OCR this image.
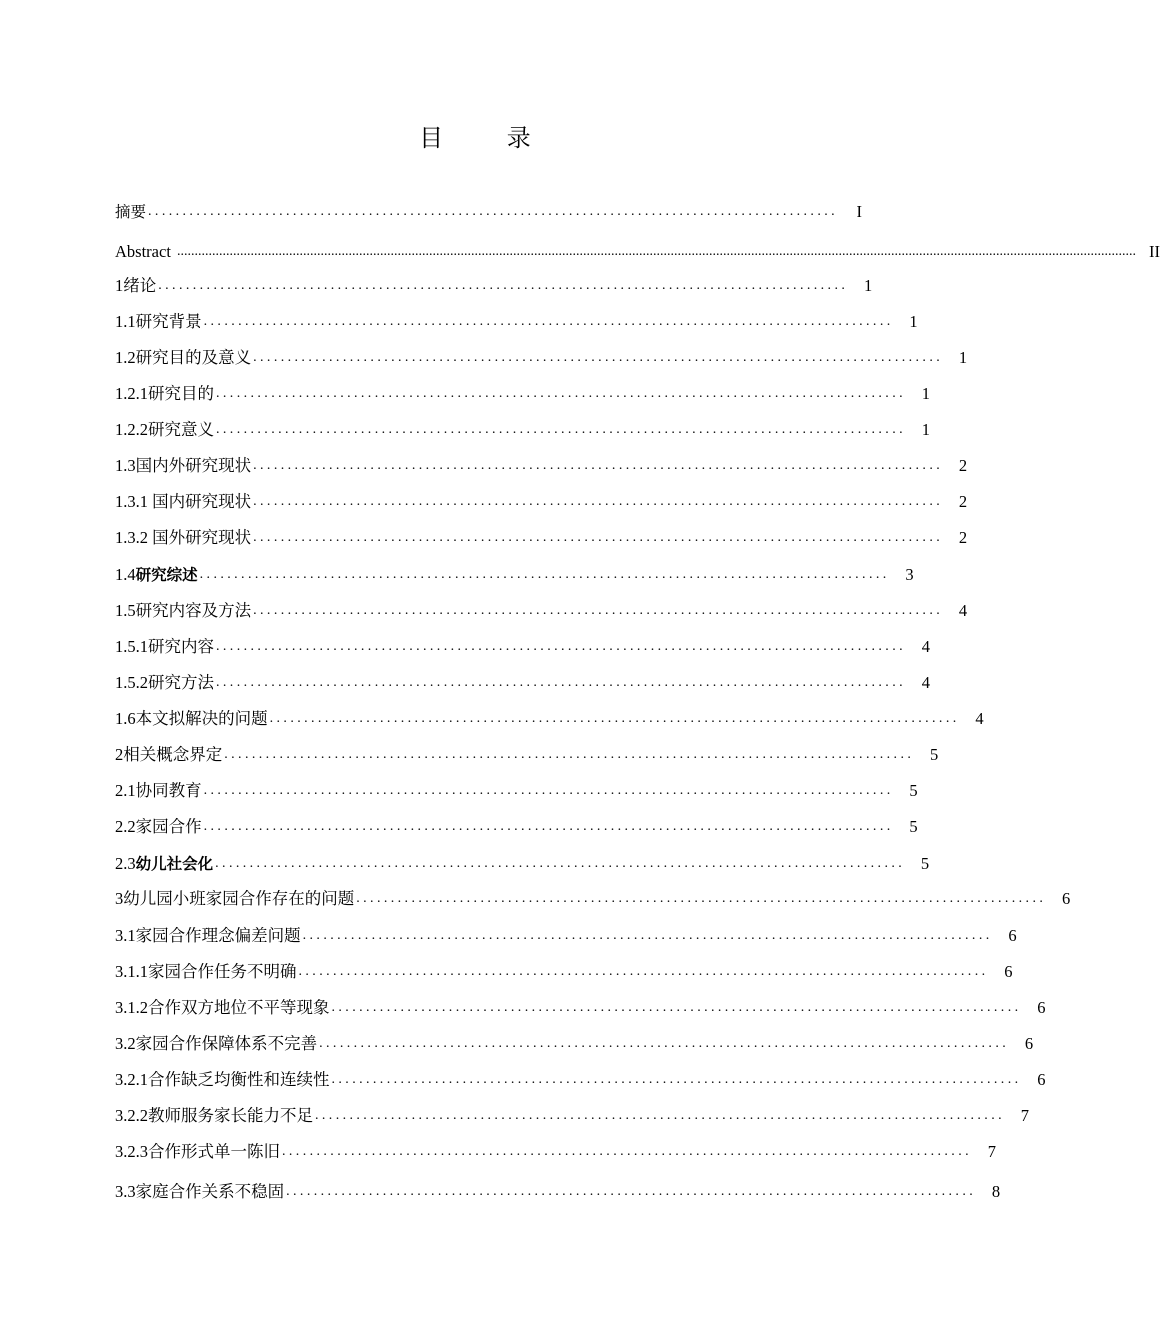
目 录
摘要 ....................................................................................................	I
Abstract .................................................................................................................................................................................................................................................................................. II
1 绪论 .................................................................................................... 1
1.1 研究背景 .................................................................................................... 1
1.2 研究目的及意义 .................................................................................................... 1
1.2.1 研究目的 .................................................................................................... 1
1.2.2 研究意义 .................................................................................................... 1
1.3 国内外研究现状 .................................................................................................... 2
1.3.1 国内研究现状 .................................................................................................... 2
1.3.2 国外研究现状 .................................................................................................... 2
1.4 研究综述 .................................................................................................... 3
1.5 研究内容及方法 .................................................................................................... 4
1.5.1 研究内容 .................................................................................................... 4
1.5.2 研究方法 .................................................................................................... 4
1.6 本文拟解决的问题 .................................................................................................... 4
2 相关概念界定 .................................................................................................... 5
2.1 协同教育 .................................................................................................... 5
2.2 家园合作 .................................................................................................... 5
2.3 幼儿社会化 .................................................................................................... 5
3 幼儿园小班家园合作存在的问题 .................................................................................................... 6
3.1 家园合作理念偏差问题 .................................................................................................... 6
3.1.1 家园合作任务不明确 .................................................................................................... 6
3.1.2 合作双方地位不平等现象 .................................................................................................... 6
3.2 家园合作保障体系不完善 .................................................................................................... 6
3.2.1 合作缺乏均衡性和连续性 .................................................................................................... 6
3.2.2 教师服务家长能力不足 .................................................................................................... 7
3.2.3 合作形式单一陈旧 .................................................................................................... 7
3.3 家庭合作关系不稳固 .................................................................................................... 8
